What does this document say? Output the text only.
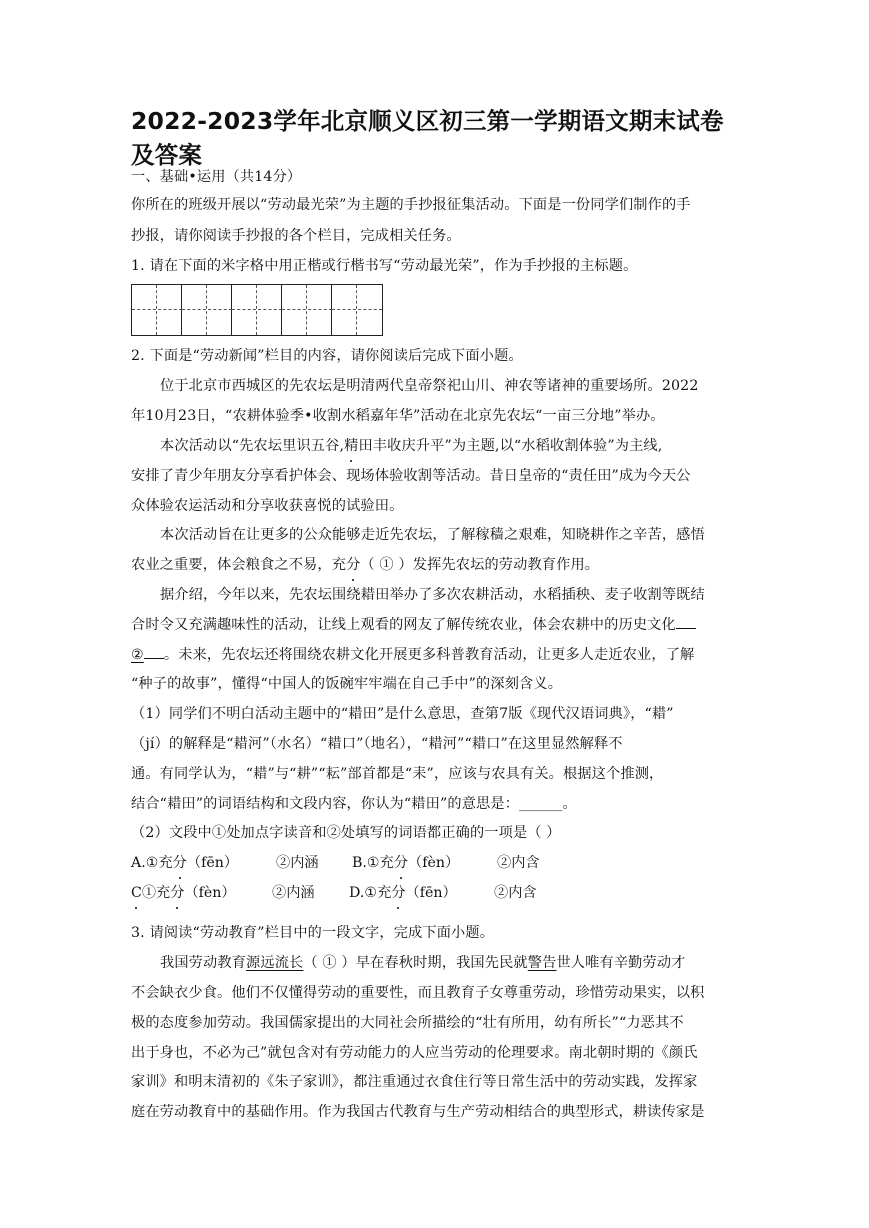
2022-2023学年北京顺义区初三第一学期语文期末试卷及答案
一、基础•运用（共14分）
你所在的班级开展以“劳动最光荣”为主题的手抄报征集活动。下面是一份同学们制作的手
抄报，请你阅读手抄报的各个栏目，完成相关任务。
1. 请在下面的米字格中用正楷或行楷书写“劳动最光荣”，作为手抄报的主标题。
2. 下面是“劳动新闻”栏目的内容，请你阅读后完成下面小题。
位于北京市西城区的先农坛是明清两代皇帝祭祀山川、神农等诸神的重要场所。2022
年10月23日，“农耕体验季•收割水稻嘉年华”活动在北京先农坛“一亩三分地”举办。
本次活动以“先农坛里识五谷,精田丰收庆升平”为主题,以“水稻收割体验”为主线,
安排了青少年朋友分享看护体会、现场体验收割等活动。昔日皇帝的“责任田”成为今天公
众体验农运活动和分享收获喜悦的试验田。
本次活动旨在让更多的公众能够走近先农坛，了解稼穑之艰难，知晓耕作之辛苦，感悟
农业之重要，体会粮食之不易，充分（ ① ）发挥先农坛的劳动教育作用。
据介绍，今年以来，先农坛围绕耤田举办了多次农耕活动，水稻插秧、麦子收割等既结
合时令又充满趣味性的活动，让线上观看的网友了解传统农业，体会农耕中的历史文化
② 。未来，先农坛还将围绕农耕文化开展更多科普教育活动，让更多人走近农业，了解
“种子的故事”，懂得“中国人的饭碗牢牢端在自己手中”的深刻含义。
（1）同学们不明白活动主题中的“耤田”是什么意思，查第7版《现代汉语词典》，“耤”
（jí）的解释是“耤河”（水名）“耤口”（地名），“耤河”“耤口”在这里显然解释不
通。有同学认为，“耤”与“耕”“耘”部首都是“耒”，应该与农具有关。根据这个推测，
结合“耤田”的词语结构和文段内容，你认为“耤田”的意思是：______。
（2）文段中①处加点字读音和②处填写的词语都正确的一项是（ ）
A.①充分（fēn）	②内涵 B.①充分（fèn）	②内含
C①充分（fèn）	②内涵 D.①充分（fēn）	②内含
3. 请阅读“劳动教育”栏目中的一段文字，完成下面小题。
我国劳动教育源远流长（ ① ）早在春秋时期，我国先民就警告世人唯有辛勤劳动才
不会缺衣少食。他们不仅懂得劳动的重要性，而且教育子女尊重劳动，珍惜劳动果实，以积
极的态度参加劳动。我国儒家提出的大同社会所描绘的“壮有所用，幼有所长”“力恶其不
出于身也，不必为己”就包含对有劳动能力的人应当劳动的伦理要求。南北朝时期的《颜氏
家训》和明末清初的《朱子家训》，都注重通过衣食住行等日常生活中的劳动实践，发挥家
庭在劳动教育中的基础作用。作为我国古代教育与生产劳动相结合的典型形式，耕读传家是
